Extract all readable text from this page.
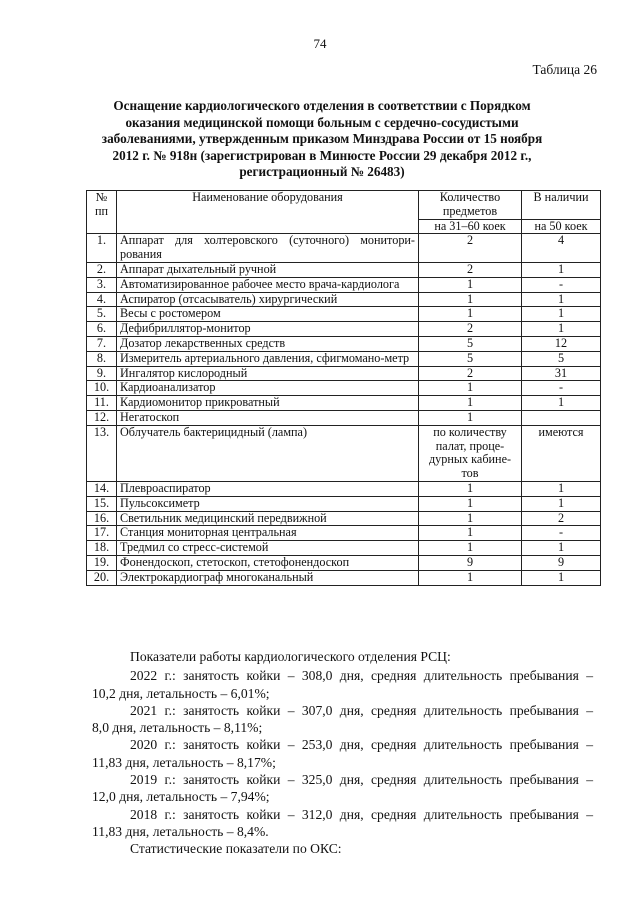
74
Таблица 26
Оснащение кардиологического отделения в соответствии с Порядком оказания медицинской помощи больным с сердечно-сосудистыми заболеваниями, утвержденным приказом Минздрава России от 15 ноября 2012 г. № 918н (зарегистрирован в Минюсте России 29 декабря 2012 г., регистрационный № 26483)
№ пп	Наименование оборудования	Количество предметов	В наличии
		на 31–60 коек	на 50 коек
1.	Аппарат для холтеровского (суточного) монитори-рования	2	4
2.	Аппарат дыхательный ручной	2	1
3.	Автоматизированное рабочее место врача-кардиолога	1	-
4.	Аспиратор (отсасыватель) хирургический	1	1
5.	Весы с ростомером	1	1
6.	Дефибриллятор-монитор	2	1
7.	Дозатор лекарственных средств	5	12
8.	Измеритель артериального давления, сфигмомано-метр	5	5
9.	Ингалятор кислородный	2	31
10.	Кардиоанализатор	1	-
11.	Кардиомонитор прикроватный	1	1
12.	Негатоскоп	1	
13.	Облучатель бактерицидный (лампа)	по количеству палат, проце-дурных кабине-тов	имеются
14.	Плевроаспиратор	1	1
15.	Пульсоксиметр	1	1
16.	Светильник медицинский передвижной	1	2
17.	Станция мониторная центральная	1	-
18.	Тредмил со стресс-системой	1	1
19.	Фонендоскоп, стетоскоп, стетофонендоскоп	9	9
20.	Электрокардиограф многоканальный	1	1

Показатели работы кардиологического отделения РСЦ:

2022 г.: занятость койки – 308,0 дня, средняя длительность пребывания –

10,2 дня, летальность – 6,01%;

2021 г.: занятость койки – 307,0 дня, средняя длительность пребывания –

8,0 дня, летальность – 8,11%;

2020 г.: занятость койки – 253,0 дня, средняя длительность пребывания –

11,83 дня, летальность – 8,17%;

2019 г.: занятость койки – 325,0 дня, средняя длительность пребывания –

12,0 дня, летальность – 7,94%;

2018 г.: занятость койки – 312,0 дня, средняя длительность пребывания –

11,83 дня, летальность – 8,4%.

Статистические показатели по ОКС:
